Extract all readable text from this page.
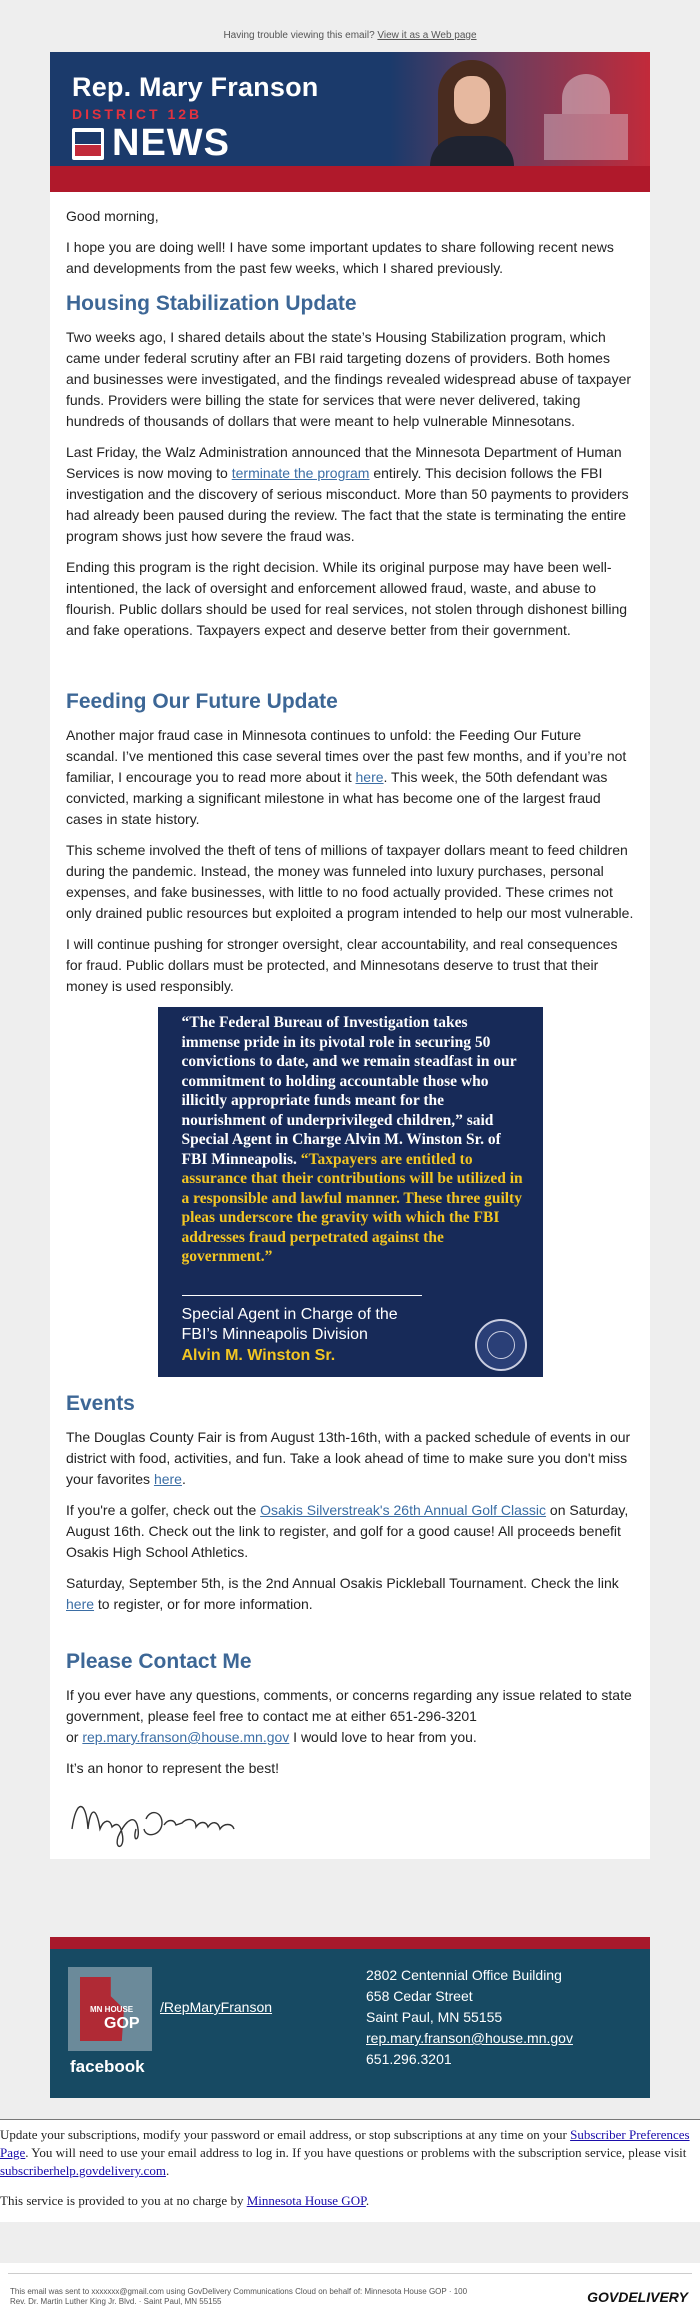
Having trouble viewing this email? View it as a Web page
Rep. Mary Franson
DISTRICT 12B
NEWS

Good morning,

I hope you are doing well! I have some important updates to share following recent news and developments from the past few weeks, which I shared previously.

Housing Stabilization Update

Two weeks ago, I shared details about the state’s Housing Stabilization program, which came under federal scrutiny after an FBI raid targeting dozens of providers. Both homes and businesses were investigated, and the findings revealed widespread abuse of taxpayer funds. Providers were billing the state for services that were never delivered, taking hundreds of thousands of dollars that were meant to help vulnerable Minnesotans.

Last Friday, the Walz Administration announced that the Minnesota Department of Human Services is now moving to terminate the program entirely. This decision follows the FBI investigation and the discovery of serious misconduct. More than 50 payments to providers had already been paused during the review. The fact that the state is terminating the entire program shows just how severe the fraud was.

Ending this program is the right decision. While its original purpose may have been well-intentioned, the lack of oversight and enforcement allowed fraud, waste, and abuse to flourish. Public dollars should be used for real services, not stolen through dishonest billing and fake operations. Taxpayers expect and deserve better from their government.

Feeding Our Future Update

Another major fraud case in Minnesota continues to unfold: the Feeding Our Future scandal. I’ve mentioned this case several times over the past few months, and if you’re not familiar, I encourage you to read more about it here. This week, the 50th defendant was convicted, marking a significant milestone in what has become one of the largest fraud cases in state history.

This scheme involved the theft of tens of millions of taxpayer dollars meant to feed children during the pandemic. Instead, the money was funneled into luxury purchases, personal expenses, and fake businesses, with little to no food actually provided. These crimes not only drained public resources but exploited a program intended to help our most vulnerable.

I will continue pushing for stronger oversight, clear accountability, and real consequences for fraud. Public dollars must be protected, and Minnesotans deserve to trust that their money is used responsibly.

“The Federal Bureau of Investigation takes immense pride in its pivotal role in securing 50 convictions to date, and we remain steadfast in our commitment to holding accountable those who illicitly appropriate funds meant for the nourishment of underprivileged children,” said Special Agent in Charge Alvin M. Winston Sr. of FBI Minneapolis. “Taxpayers are entitled to assurance that their contributions will be utilized in a responsible and lawful manner. These three guilty pleas underscore the gravity with which the FBI addresses fraud perpetrated against the government.”
Special Agent in Charge of the
FBI’s Minneapolis Division
Alvin M. Winston Sr.
Events

The Douglas County Fair is from August 13th-16th, with a packed schedule of events in our district with food, activities, and fun. Take a look ahead of time to make sure you don't miss your favorites here.

If you're a golfer, check out the Osakis Silverstreak's 26th Annual Golf Classic on Saturday, August 16th. Check out the link to register, and golf for a good cause! All proceeds benefit Osakis High School Athletics.

Saturday, September 5th, is the 2nd Annual Osakis Pickleball Tournament. Check the link here to register, or for more information.

Please Contact Me

If you ever have any questions, comments, or concerns regarding any issue related to state government, please feel free to contact me at either 651-296-3201
or rep.mary.franson@house.mn.gov I would love to hear from you.

It’s an honor to represent the best!

MN HOUSE
GOP
facebook
/RepMaryFranson
2802 Centennial Office Building
658 Cedar Street
Saint Paul, MN 55155
rep.mary.franson@house.mn.gov
651.296.3201

Update your subscriptions, modify your password or email address, or stop subscriptions at any time on your Subscriber Preferences Page. You will need to use your email address to log in. If you have questions or problems with the subscription service, please visit subscriberhelp.govdelivery.com.

This service is provided to you at no charge by Minnesota House GOP.

This email was sent to xxxxxxx@gmail.com using GovDelivery Communications Cloud on behalf of: Minnesota House GOP · 100
Rev. Dr. Martin Luther King Jr. Blvd. · Saint Paul, MN 55155	GOVDELIVERY
